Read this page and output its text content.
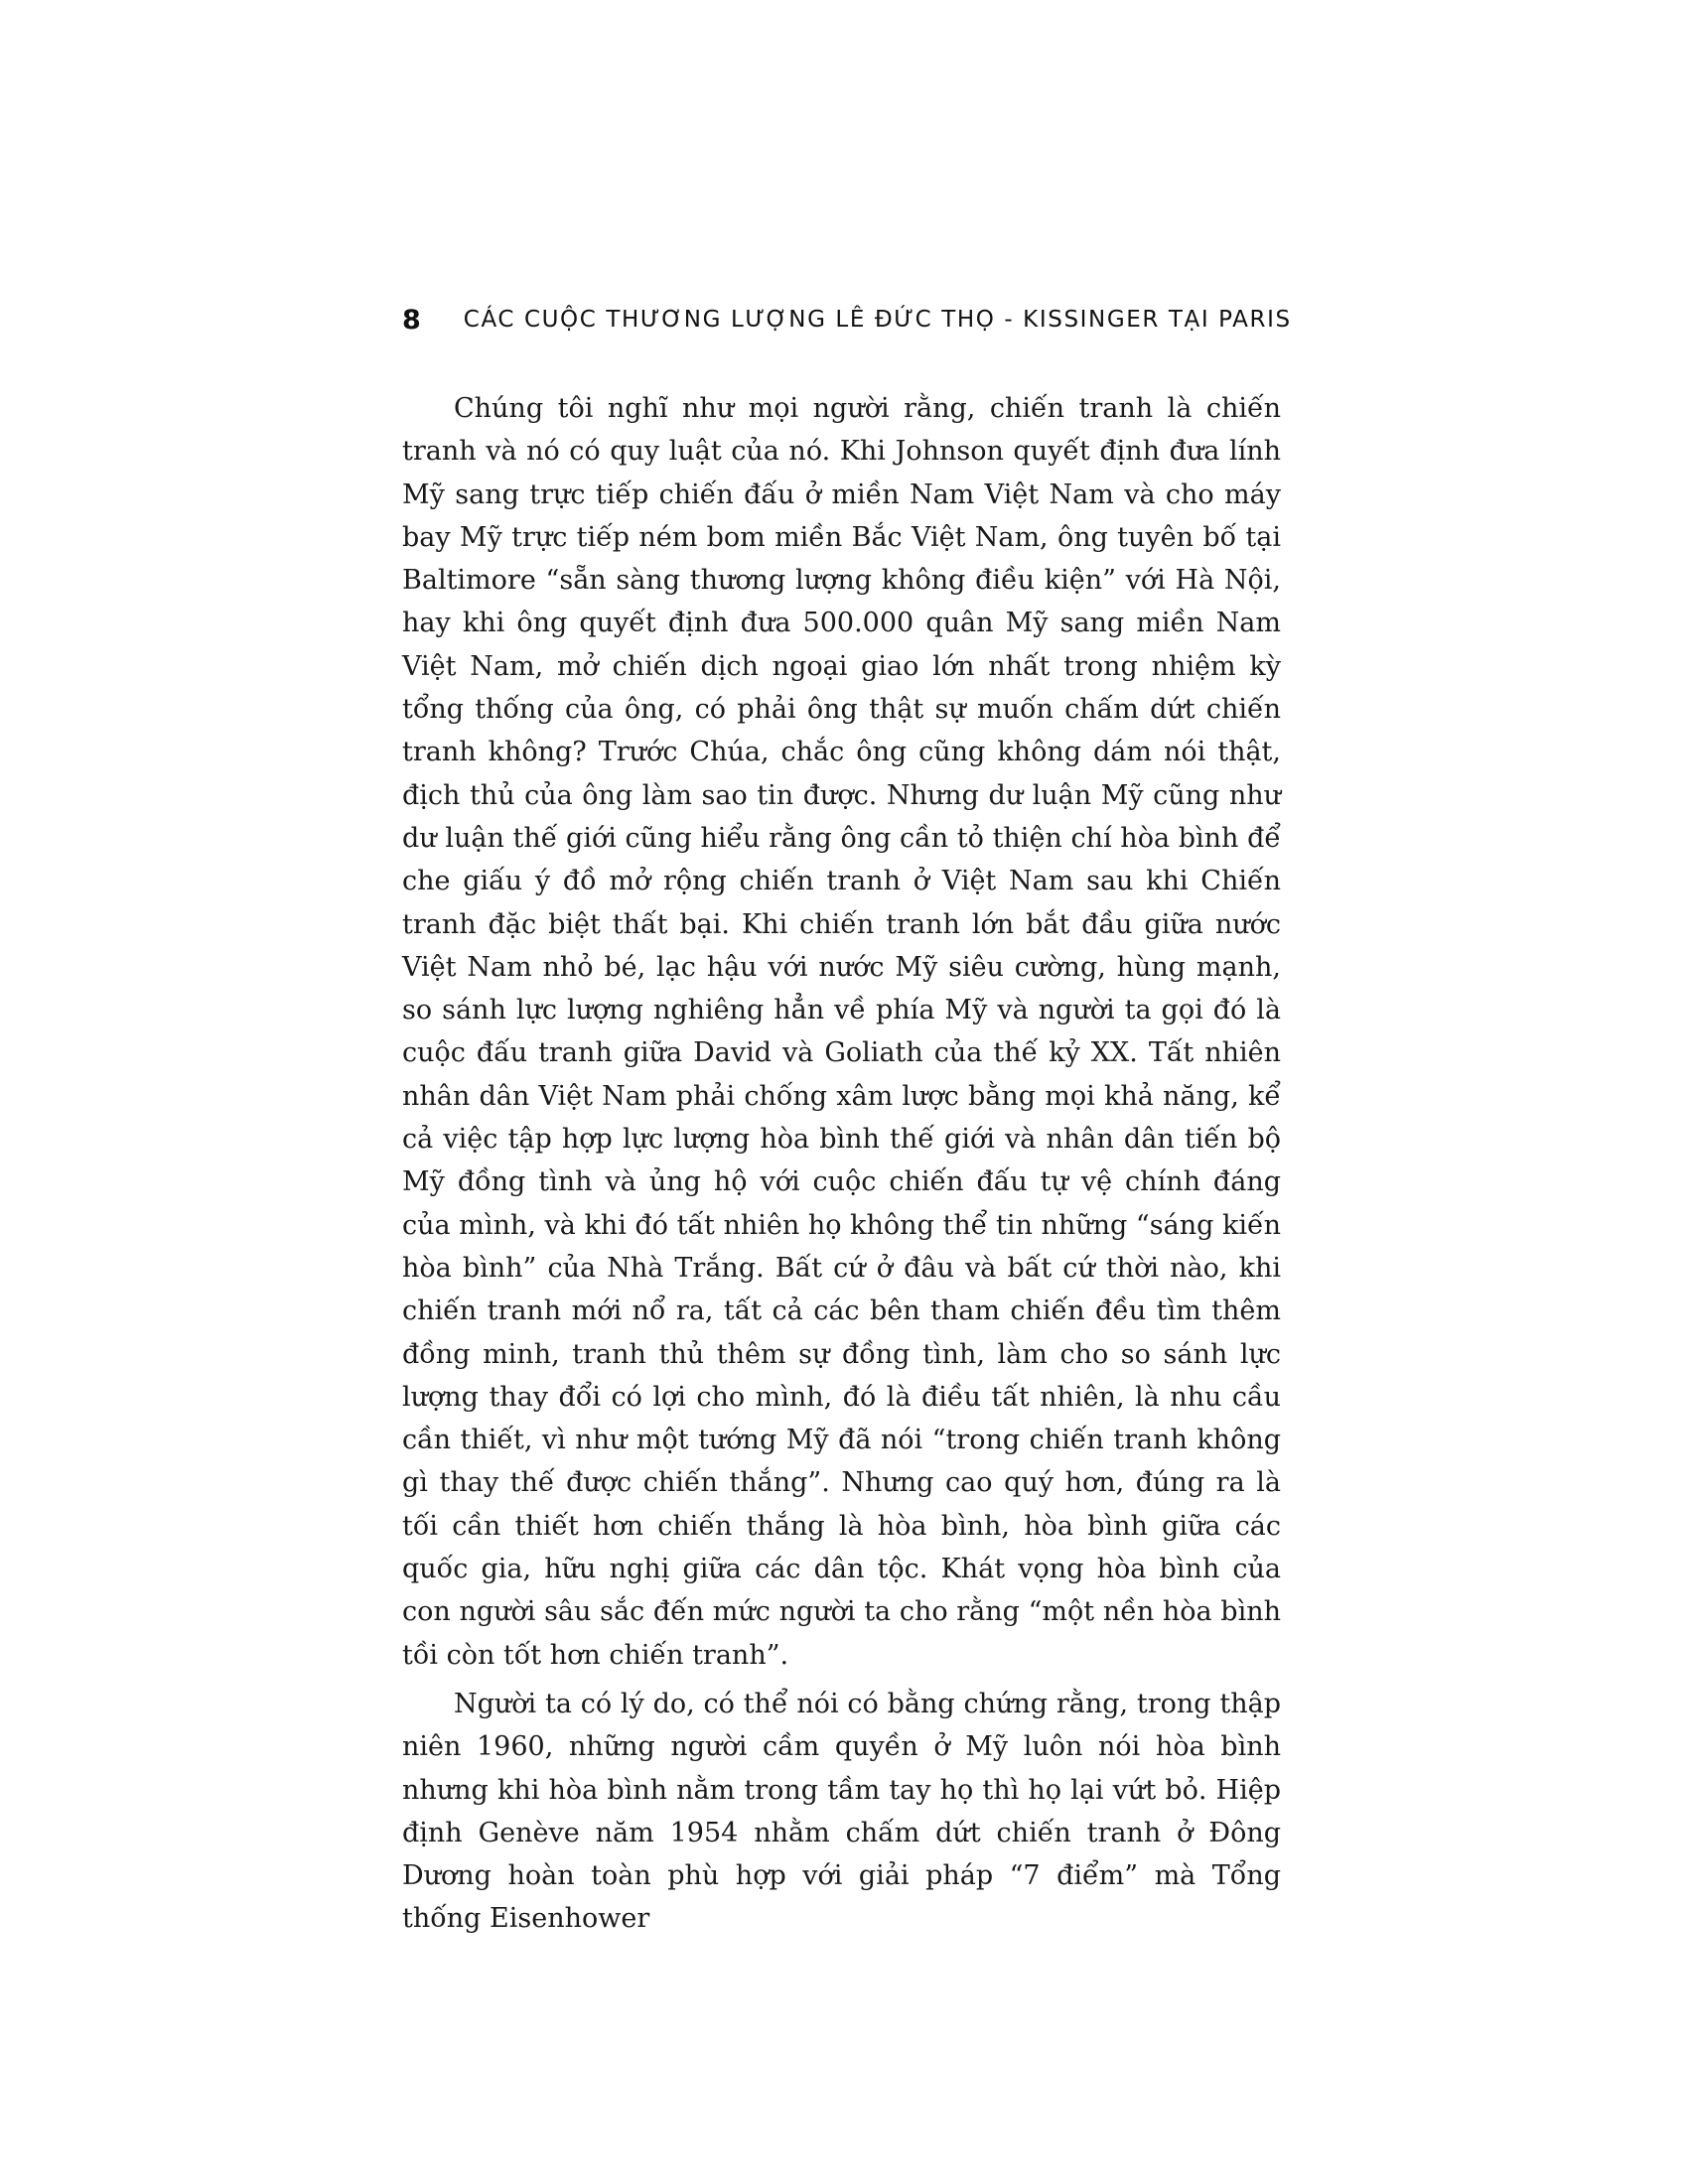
8 CÁC CUỘC THƯƠNG LƯỢNG LÊ ĐỨC THỌ - KISSINGER TẠI PARIS

Chúng tôi nghĩ như mọi người rằng, chiến tranh là chiến tranh và nó có quy luật của nó. Khi Johnson quyết định đưa lính Mỹ sang trực tiếp chiến đấu ở miền Nam Việt Nam và cho máy bay Mỹ trực tiếp ném bom miền Bắc Việt Nam, ông tuyên bố tại Baltimore “sẵn sàng thương lượng không điều kiện” với Hà Nội, hay khi ông quyết định đưa 500.000 quân Mỹ sang miền Nam Việt Nam, mở chiến dịch ngoại giao lớn nhất trong nhiệm kỳ tổng thống của ông, có phải ông thật sự muốn chấm dứt chiến tranh không? Trước Chúa, chắc ông cũng không dám nói thật, địch thủ của ông làm sao tin được. Nhưng dư luận Mỹ cũng như dư luận thế giới cũng hiểu rằng ông cần tỏ thiện chí hòa bình để che giấu ý đồ mở rộng chiến tranh ở Việt Nam sau khi Chiến tranh đặc biệt thất bại. Khi chiến tranh lớn bắt đầu giữa nước Việt Nam nhỏ bé, lạc hậu với nước Mỹ siêu cường, hùng mạnh, so sánh lực lượng nghiêng hẳn về phía Mỹ và người ta gọi đó là cuộc đấu tranh giữa David và Goliath của thế kỷ XX. Tất nhiên nhân dân Việt Nam phải chống xâm lược bằng mọi khả năng, kể cả việc tập hợp lực lượng hòa bình thế giới và nhân dân tiến bộ Mỹ đồng tình và ủng hộ với cuộc chiến đấu tự vệ chính đáng của mình, và khi đó tất nhiên họ không thể tin những “sáng kiến hòa bình” của Nhà Trắng. Bất cứ ở đâu và bất cứ thời nào, khi chiến tranh mới nổ ra, tất cả các bên tham chiến đều tìm thêm đồng minh, tranh thủ thêm sự đồng tình, làm cho so sánh lực lượng thay đổi có lợi cho mình, đó là điều tất nhiên, là nhu cầu cần thiết, vì như một tướng Mỹ đã nói “trong chiến tranh không gì thay thế được chiến thắng”. Nhưng cao quý hơn, đúng ra là tối cần thiết hơn chiến thắng là hòa bình, hòa bình giữa các quốc gia, hữu nghị giữa các dân tộc. Khát vọng hòa bình của con người sâu sắc đến mức người ta cho rằng “một nền hòa bình tồi còn tốt hơn chiến tranh”.

Người ta có lý do, có thể nói có bằng chứng rằng, trong thập niên 1960, những người cầm quyền ở Mỹ luôn nói hòa bình nhưng khi hòa bình nằm trong tầm tay họ thì họ lại vứt bỏ. Hiệp định Genève năm 1954 nhằm chấm dứt chiến tranh ở Đông Dương hoàn toàn phù hợp với giải pháp “7 điểm” mà Tổng thống Eisenhower
